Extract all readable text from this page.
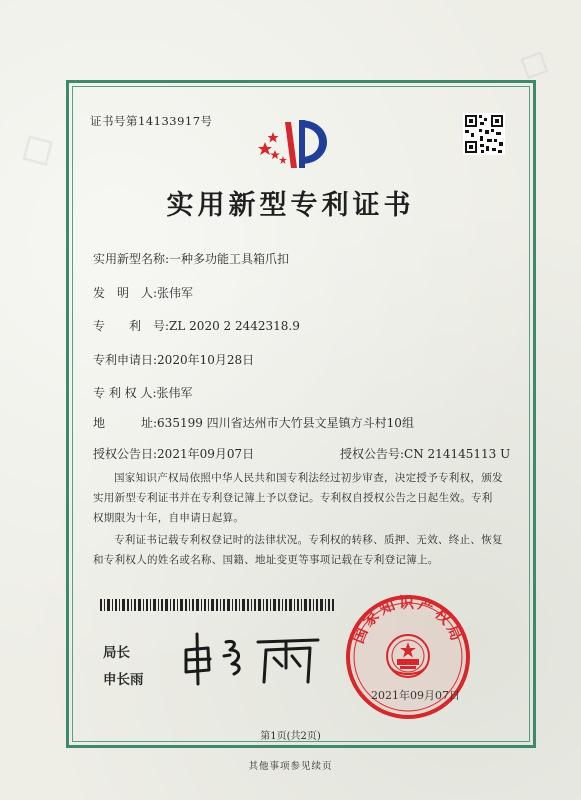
◇
◇
证书号第14133917号
实用新型专利证书
实用新型名称:一种多功能工具箱爪扣
发　明　人:张伟军
专　　利　号:ZL 2020 2 2442318.9
专利申请日:2020年10月28日
专 利 权 人:张伟军
地　　　址:635199 四川省达州市大竹县文星镇方斗村10组
授权公告日:2021年09月07日	授权公告号:CN 214145113 U
国家知识产权局依照中华人民共和国专利法经过初步审查，决定授予专利权，颁发实用新型专利证书并在专利登记簿上予以登记。专利权自授权公告之日起生效。专利权期限为十年，自申请日起算。
专利证书记载专利权登记时的法律状况。专利权的转移、质押、无效、终止、恢复和专利权人的姓名或名称、国籍、地址变更等事项记载在专利登记簿上。
局长
申长雨
国家知识产权局
2021年09月07日
第1页(共2页)
其他事项参见续页
